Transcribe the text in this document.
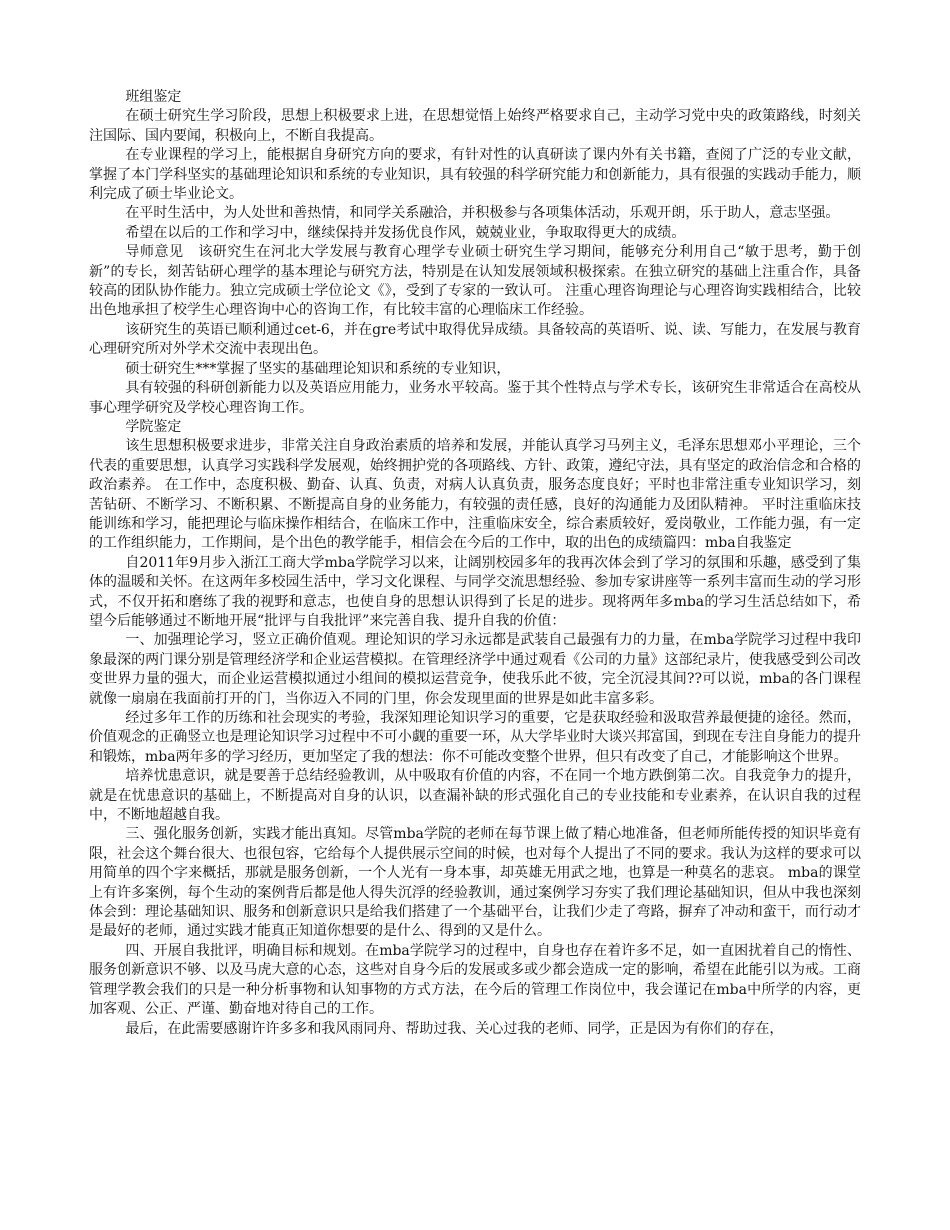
班组鉴定

在硕士研究生学习阶段，思想上积极要求上进，在思想觉悟上始终严格要求自己，主动学习党中央的政策路线，时刻关注国际、国内要闻，积极向上，不断自我提高。

在专业课程的学习上，能根据自身研究方向的要求，有针对性的认真研读了课内外有关书籍，查阅了广泛的专业文献，掌握了本门学科坚实的基础理论知识和系统的专业知识，具有较强的科学研究能力和创新能力，具有很强的实践动手能力，顺利完成了硕士毕业论文。

在平时生活中，为人处世和善热情，和同学关系融洽，并积极参与各项集体活动，乐观开朗，乐于助人，意志坚强。

希望在以后的工作和学习中，继续保持并发扬优良作风，兢兢业业，争取取得更大的成绩。

导师意见　该研究生在河北大学发展与教育心理学专业硕士研究生学习期间，能够充分利用自己“敏于思考，勤于创新”的专长，刻苦钻研心理学的基本理论与研究方法，特别是在认知发展领域积极探索。在独立研究的基础上注重合作，具备较高的团队协作能力。独立完成硕士学位论文《》，受到了专家的一致认可。 注重心理咨询理论与心理咨询实践相结合，比较出色地承担了校学生心理咨询中心的咨询工作，有比较丰富的心理临床工作经验。

该研究生的英语已顺利通过cet-6，并在gre考试中取得优异成绩。具备较高的英语听、说、读、写能力，在发展与教育心理研究所对外学术交流中表现出色。

硕士研究生***掌握了坚实的基础理论知识和系统的专业知识，

具有较强的科研创新能力以及英语应用能力，业务水平较高。鉴于其个性特点与学术专长，该研究生非常适合在高校从事心理学研究及学校心理咨询工作。

学院鉴定

该生思想积极要求进步，非常关注自身政治素质的培养和发展，并能认真学习马列主义，毛泽东思想邓小平理论，三个代表的重要思想，认真学习实践科学发展观，始终拥护党的各项路线、方针、政策，遵纪守法，具有坚定的政治信念和合格的政治素养。 在工作中，态度积极、勤奋、认真、负责，对病人认真负责，服务态度良好；平时也非常注重专业知识学习，刻苦钻研、不断学习、不断积累、不断提高自身的业务能力，有较强的责任感，良好的沟通能力及团队精神。 平时注重临床技能训练和学习，能把理论与临床操作相结合，在临床工作中，注重临床安全，综合素质较好，爱岗敬业，工作能力强，有一定的工作组织能力，工作期间，是个出色的教学能手，相信会在今后的工作中，取的出色的成绩篇四：mba自我鉴定

自2011年9月步入浙江工商大学mba学院学习以来，让阔别校园多年的我再次体会到了学习的氛围和乐趣，感受到了集体的温暖和关怀。在这两年多校园生活中，学习文化课程、与同学交流思想经验、参加专家讲座等一系列丰富而生动的学习形式，不仅开拓和磨练了我的视野和意志，也使自身的思想认识得到了长足的进步。现将两年多mba的学习生活总结如下，希望今后能够通过不断地开展“批评与自我批评”来完善自我、提升自我的价值：

一、加强理论学习，竖立正确价值观。理论知识的学习永远都是武装自己最强有力的力量，在mba学院学习过程中我印象最深的两门课分别是管理经济学和企业运营模拟。在管理经济学中通过观看《公司的力量》这部纪录片，使我感受到公司改变世界力量的强大，而企业运营模拟通过小组间的模拟运营竞争，使我乐此不彼，完全沉浸其间??可以说，mba的各门课程就像一扇扇在我面前打开的门，当你迈入不同的门里，你会发现里面的世界是如此丰富多彩。

经过多年工作的历练和社会现实的考验，我深知理论知识学习的重要，它是获取经验和汲取营养最便捷的途径。然而，价值观念的正确竖立也是理论知识学习过程中不可小觑的重要一环，从大学毕业时大谈兴邦富国，到现在专注自身能力的提升和锻炼，mba两年多的学习经历，更加坚定了我的想法：你不可能改变整个世界，但只有改变了自己，才能影响这个世界。

培养忧患意识，就是要善于总结经验教训，从中吸取有价值的内容，不在同一个地方跌倒第二次。自我竞争力的提升，就是在忧患意识的基础上，不断提高对自身的认识，以查漏补缺的形式强化自己的专业技能和专业素养，在认识自我的过程中，不断地超越自我。

三、强化服务创新，实践才能出真知。尽管mba学院的老师在每节课上做了精心地准备，但老师所能传授的知识毕竟有限，社会这个舞台很大、也很包容，它给每个人提供展示空间的时候，也对每个人提出了不同的要求。我认为这样的要求可以用简单的四个字来概括，那就是服务创新，一个人光有一身本事，却英雄无用武之地，也算是一种莫名的悲哀。 mba的课堂上有许多案例，每个生动的案例背后都是他人得失沉浮的经验教训，通过案例学习夯实了我们理论基础知识，但从中我也深刻体会到：理论基础知识、服务和创新意识只是给我们搭建了一个基础平台，让我们少走了弯路，摒弃了冲动和蛮干，而行动才是最好的老师，通过实践才能真正知道你想要的是什么、得到的又是什么。

四、开展自我批评，明确目标和规划。在mba学院学习的过程中，自身也存在着许多不足，如一直困扰着自己的惰性、服务创新意识不够、以及马虎大意的心态，这些对自身今后的发展或多或少都会造成一定的影响，希望在此能引以为戒。工商管理学教会我们的只是一种分析事物和认知事物的方式方法，在今后的管理工作岗位中，我会谨记在mba中所学的内容，更加客观、公正、严谨、勤奋地对待自己的工作。

最后，在此需要感谢许许多多和我风雨同舟、帮助过我、关心过我的老师、同学，正是因为有你们的存在，
